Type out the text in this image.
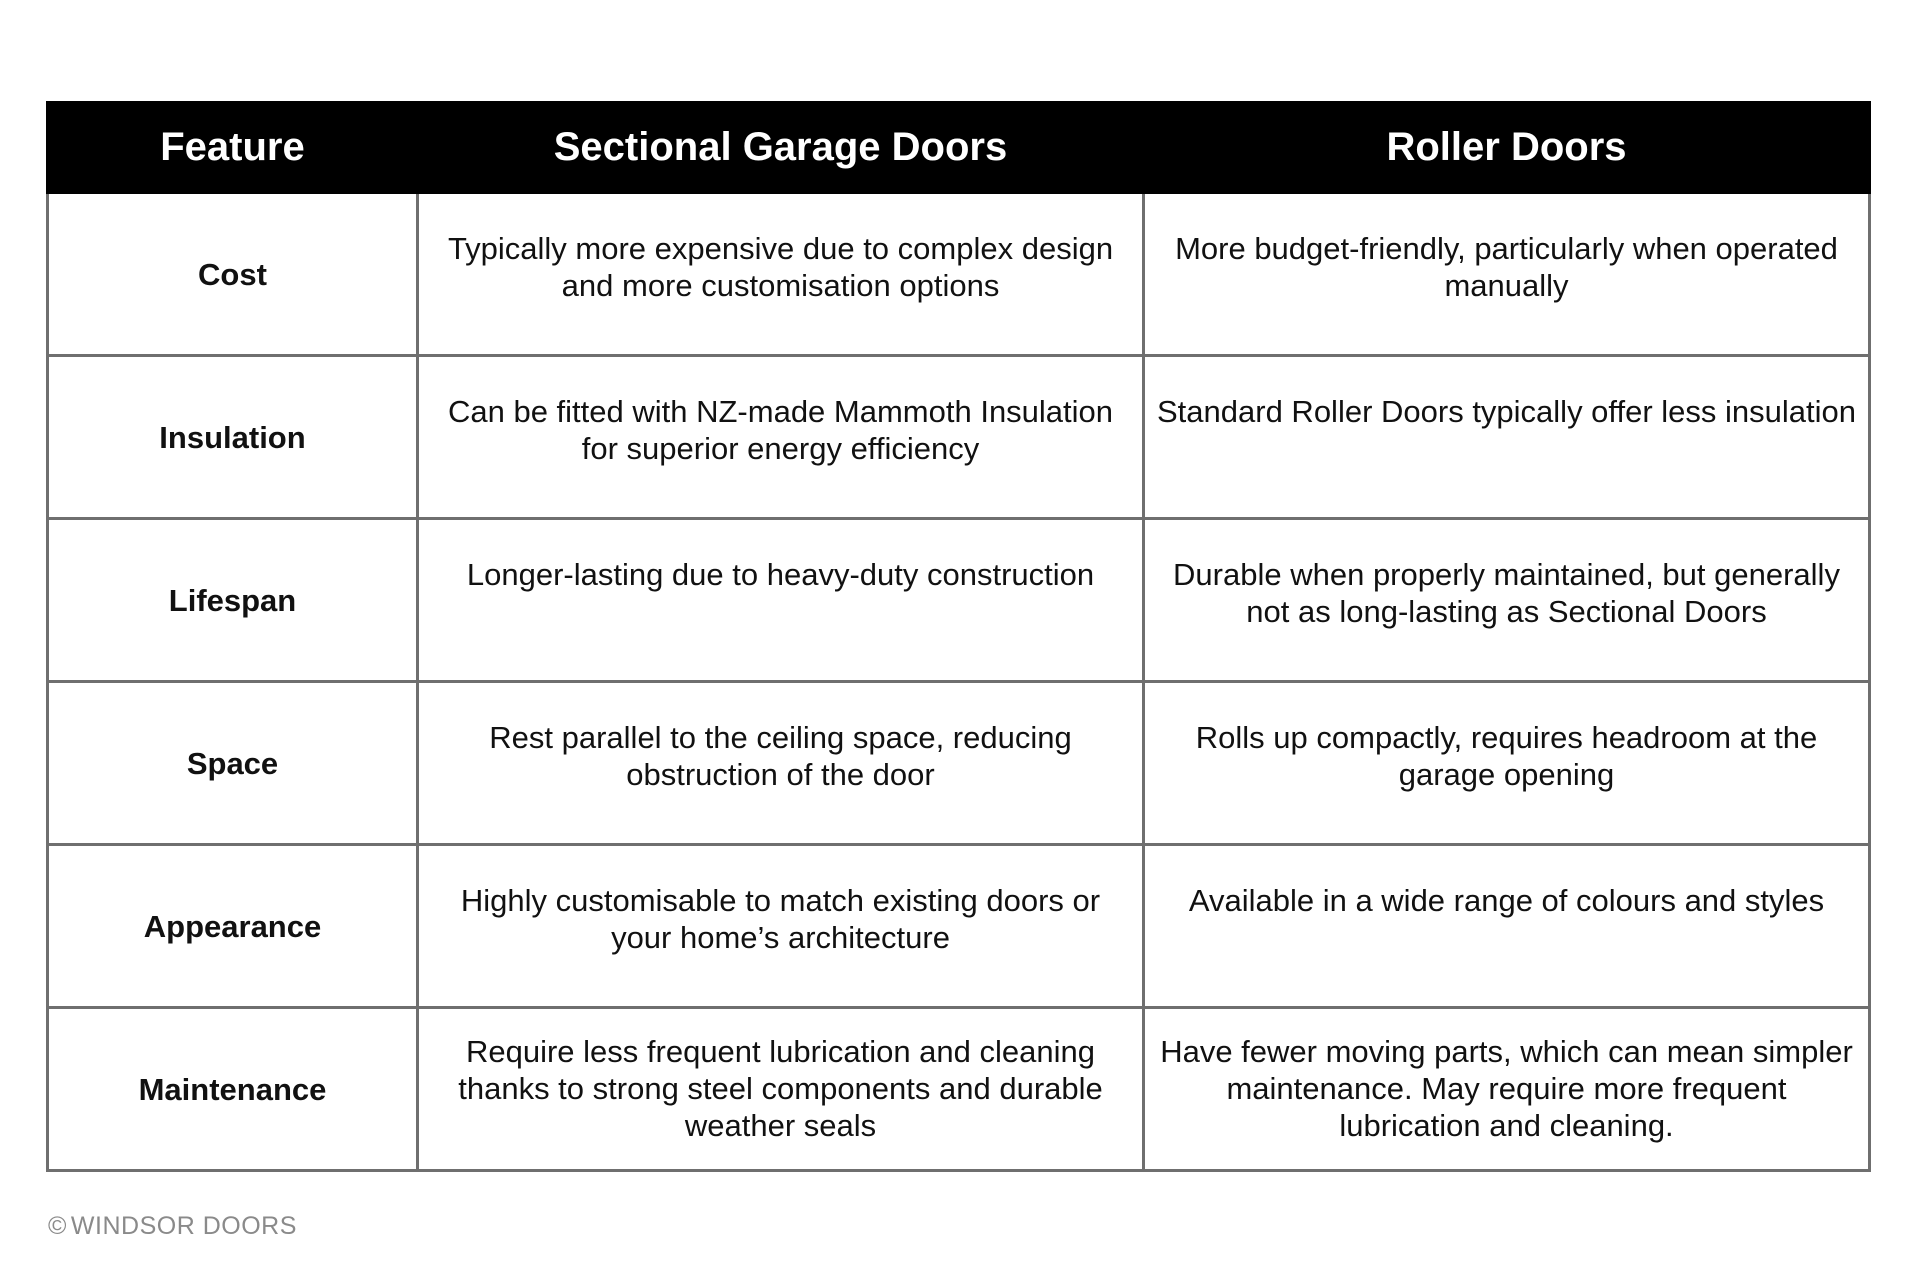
Feature	Sectional Garage Doors	Roller Doors
Cost	Typically more expensive due to complex design and more customisation options	More budget-friendly, particularly when operated manually
Insulation	Can be fitted with NZ-made Mammoth Insulation for superior energy efficiency	Standard Roller Doors typically offer less insulation
Lifespan	Longer-lasting due to heavy-duty construction	Durable when properly maintained, but generally not as long-lasting as Sectional Doors
Space	Rest parallel to the ceiling space, reducing obstruction of the door	Rolls up compactly, requires headroom at the garage opening
Appearance	Highly customisable to match existing doors or your home’s architecture	Available in a wide range of colours and styles
Maintenance	Require less frequent lubrication and cleaning thanks to strong steel components and durable weather seals	Have fewer moving parts, which can mean simpler maintenance. May require more frequent lubrication and cleaning.
© WINDSOR DOORS
